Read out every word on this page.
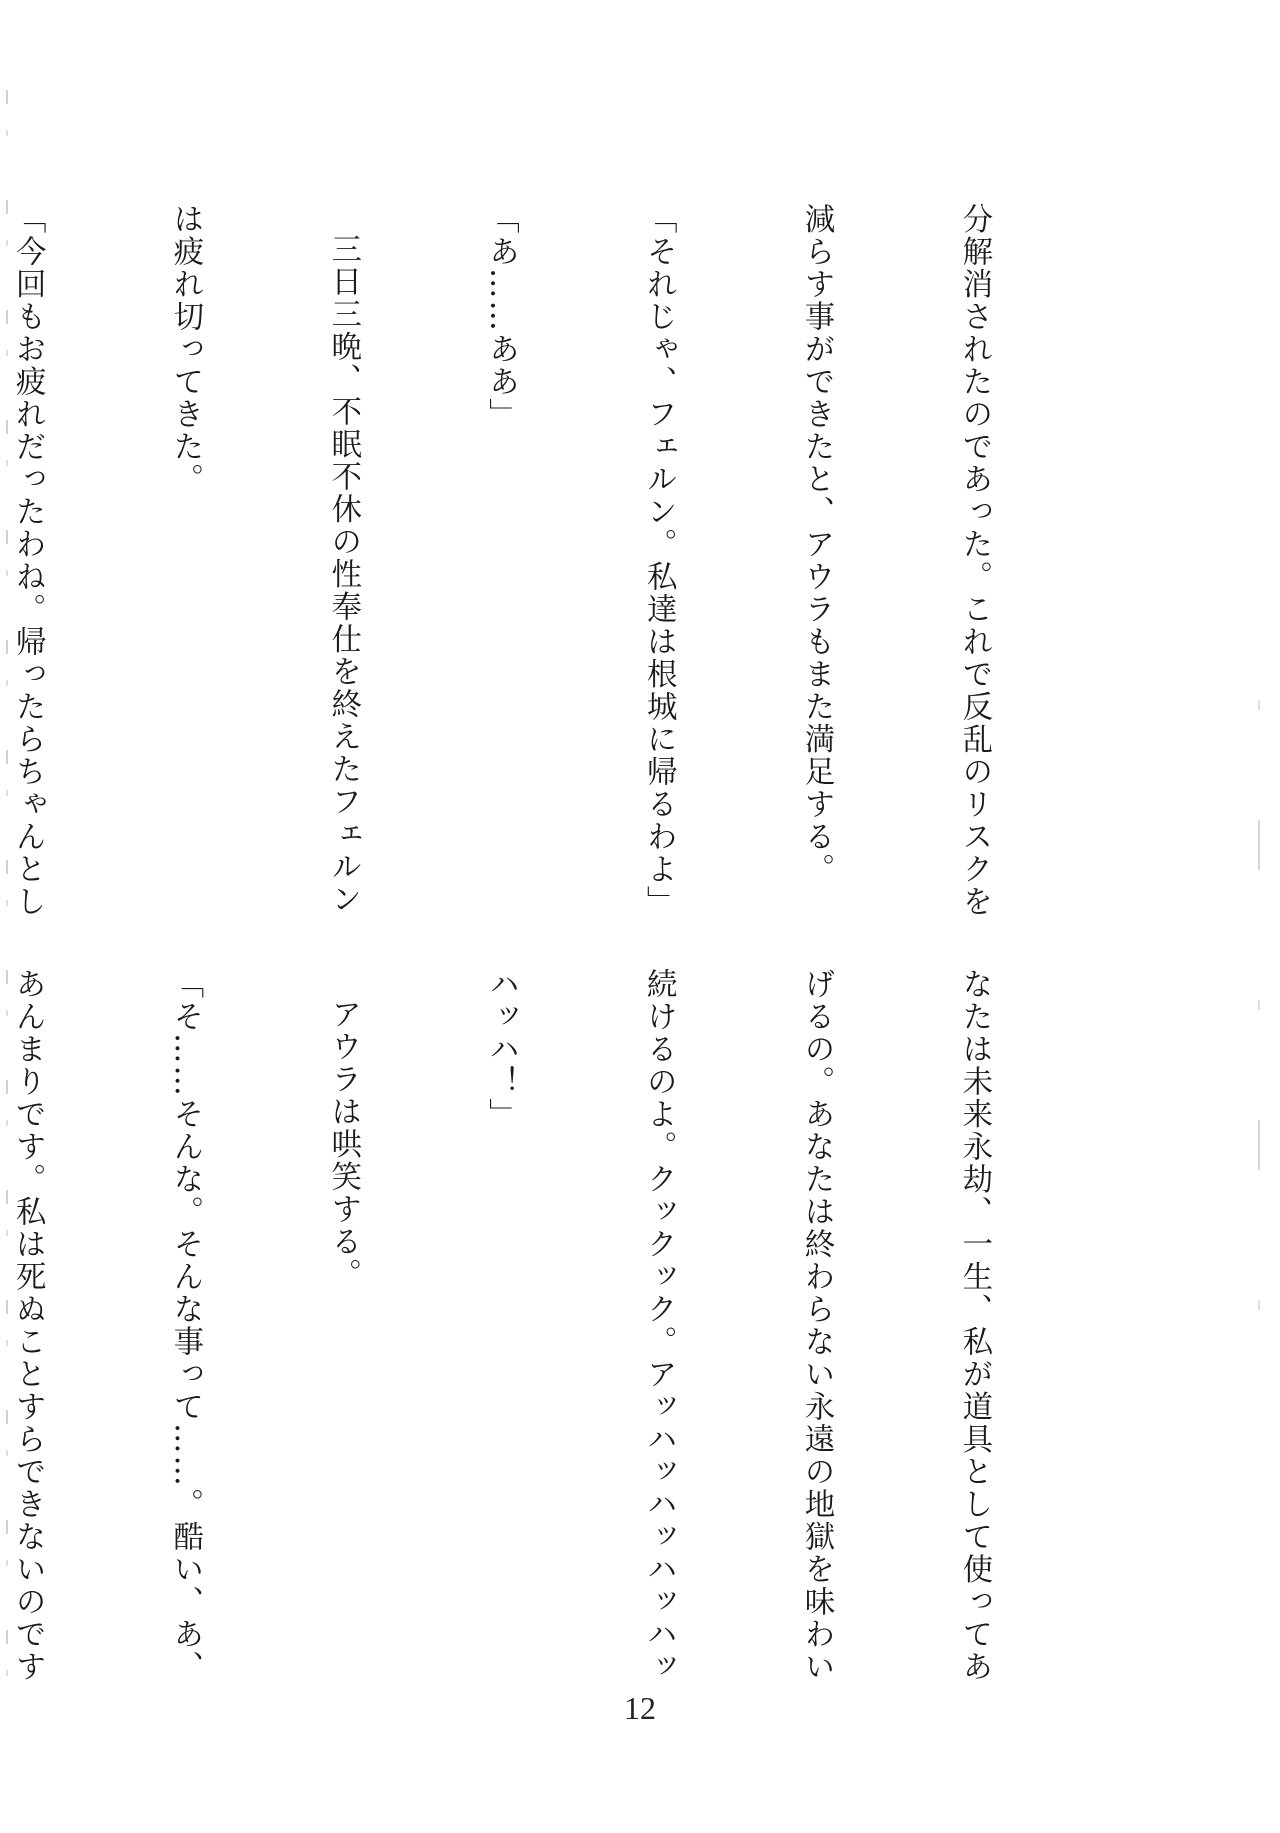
分解消されたのであった。これで反乱のリスクを

減らす事ができたと、アウラもまた満足する。

「それじゃ、フェルン。私達は根城に帰るわよ」

「あ……ああ」

三日三晩、不眠不休の性奉仕を終えたフェルン

は疲れ切ってきた。

「今回もお疲れだったわね。帰ったらちゃんとし

なたは未来永劫、一生、私が道具として使ってあ

げるの。あなたは終わらない永遠の地獄を味わい

続けるのよ。クックック。アッハッハッハッハッ

ハッハ！」

アウラは哄笑する。

「そ……そんな。そんな事って……。酷い、あ、

あんまりです。私は死ぬことすらできないのです

12
